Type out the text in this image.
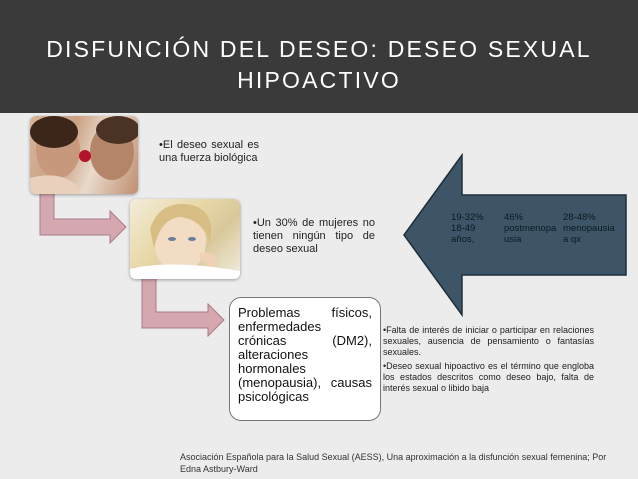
DISFUNCIÓN DEL DESEO: DESEO SEXUAL HIPOACTIVO
•El deseo sexual es una fuerza biológica
•Un 30% de mujeres no tienen ningún tipo de deseo sexual
Problemas físicos, enfermedades crónicas (DM2), alteraciones hormonales (menopausia), causas psicológicas
19-32%
18-49 años,
46%
postmenopausia
28-48%
menopausia a qx

•Falta de interés de iniciar o participar en relaciones sexuales, ausencia de pensamiento o fantasías sexuales.

•Deseo sexual hipoactivo es el término que engloba los estados descritos como deseo bajo, falta de interés sexual o libido baja

Asociación Española para la Salud Sexual (AESS), Una aproximación a la disfunción sexual femenina; Por Edna Astbury-Ward
